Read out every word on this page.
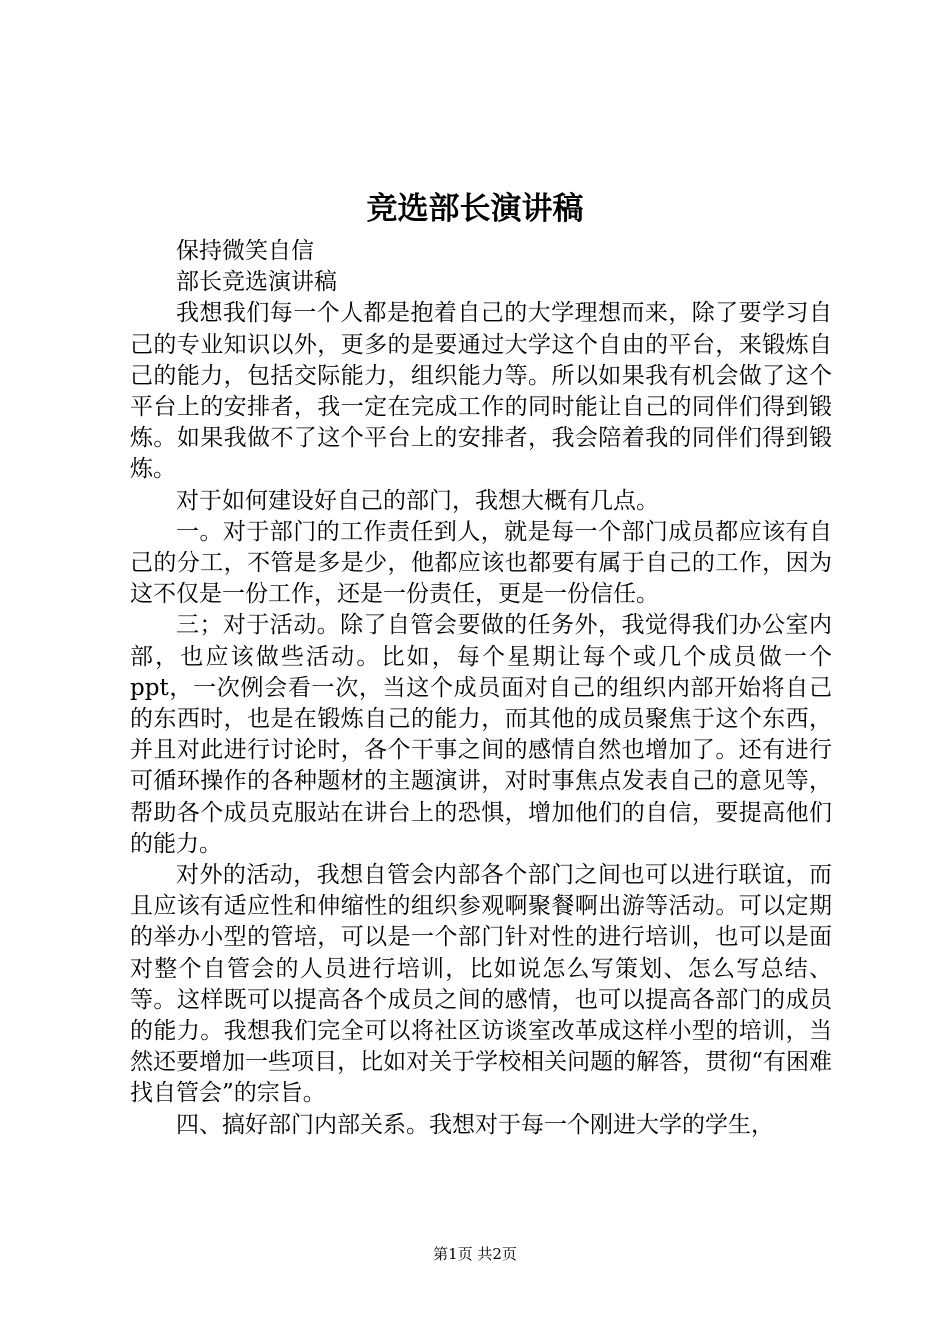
竞选部长演讲稿

保持微笑自信

部长竞选演讲稿

我想我们每一个人都是抱着自己的大学理想而来，除了要学习自己的专业知识以外，更多的是要通过大学这个自由的平台，来锻炼自己的能力，包括交际能力，组织能力等。所以如果我有机会做了这个平台上的安排者，我一定在完成工作的同时能让自己的同伴们得到锻炼。如果我做不了这个平台上的安排者，我会陪着我的同伴们得到锻炼。

对于如何建设好自己的部门，我想大概有几点。

一。对于部门的工作责任到人，就是每一个部门成员都应该有自己的分工，不管是多是少，他都应该也都要有属于自己的工作，因为这不仅是一份工作，还是一份责任，更是一份信任。

三；对于活动。除了自管会要做的任务外，我觉得我们办公室内部，也应该做些活动。比如，每个星期让每个或几个成员做一个ppt，一次例会看一次，当这个成员面对自己的组织内部开始将自己的东西时，也是在锻炼自己的能力，而其他的成员聚焦于这个东西，并且对此进行讨论时，各个干事之间的感情自然也增加了。还有进行可循环操作的各种题材的主题演讲，对时事焦点发表自己的意见等，帮助各个成员克服站在讲台上的恐惧，增加他们的自信，要提高他们的能力。

对外的活动，我想自管会内部各个部门之间也可以进行联谊，而且应该有适应性和伸缩性的组织参观啊聚餐啊出游等活动。可以定期的举办小型的管培，可以是一个部门针对性的进行培训，也可以是面对整个自管会的人员进行培训，比如说怎么写策划、怎么写总结、等。这样既可以提高各个成员之间的感情，也可以提高各部门的成员的能力。我想我们完全可以将社区访谈室改革成这样小型的培训，当然还要增加一些项目，比如对关于学校相关问题的解答，贯彻“有困难找自管会”的宗旨。

四、搞好部门内部关系。我想对于每一个刚进大学的学生，

第1页 共2页
